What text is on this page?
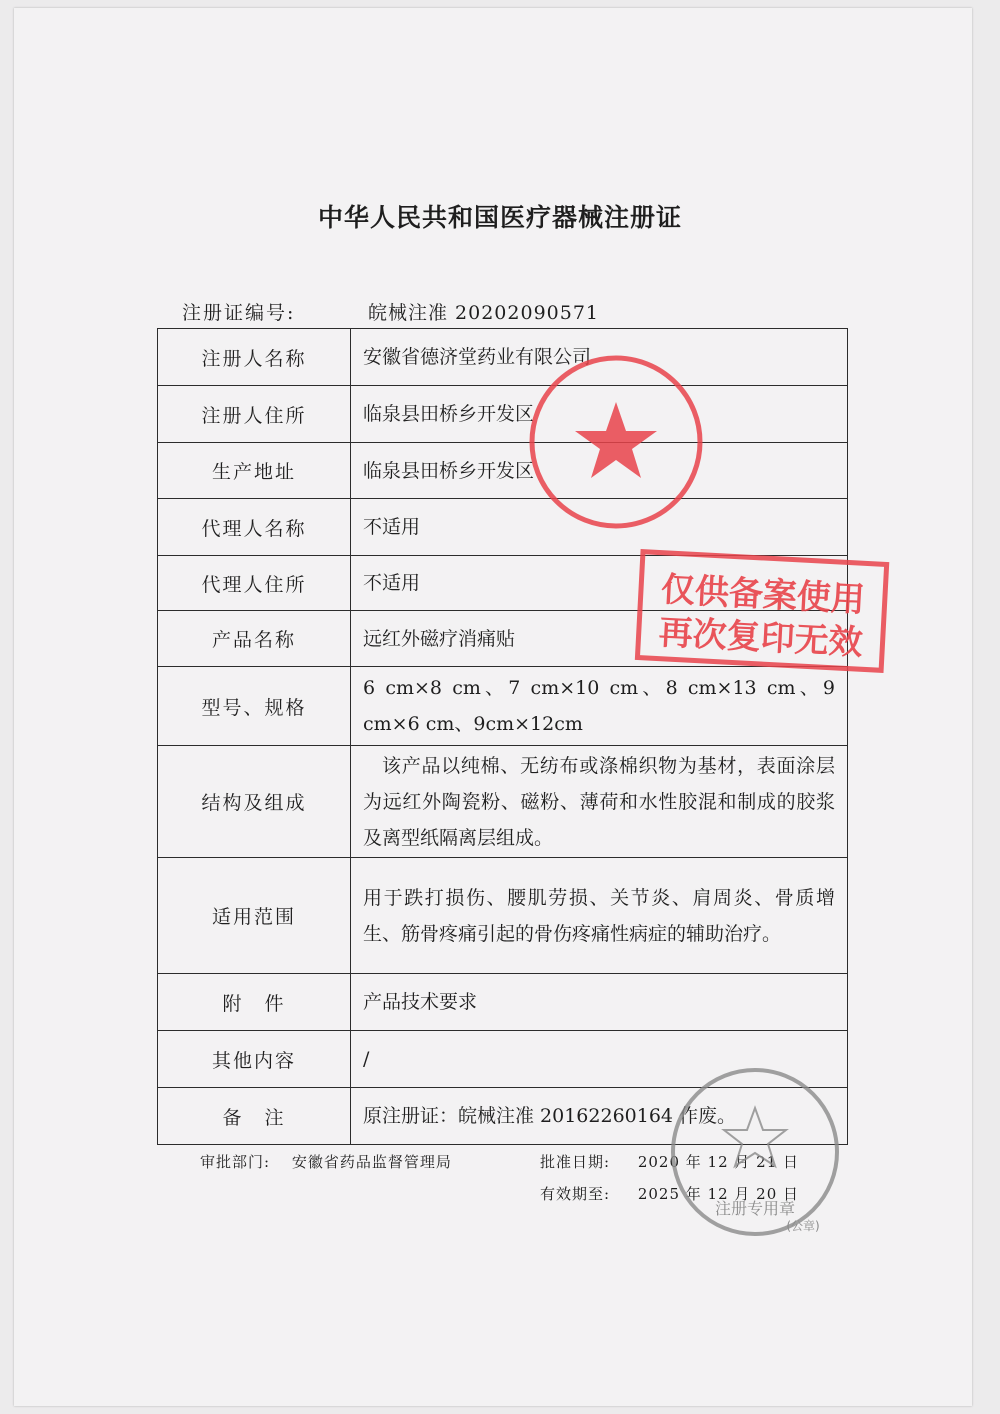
中华人民共和国医疗器械注册证
注册证编号:	皖械注准 20202090571
注册人名称	安徽省德济堂药业有限公司
注册人住所	临泉县田桥乡开发区
生产地址	临泉县田桥乡开发区
代理人名称	不适用
代理人住所	不适用
产品名称	远红外磁疗消痛贴
型号、规格	6 cm×8 cm、7 cm×10 cm、8 cm×13 cm、9 cm×6 cm、9cm×12cm
结构及组成	该产品以纯棉、无纺布或涤棉织物为基材，表面涂层为远红外陶瓷粉、磁粉、薄荷和水性胶混和制成的胶浆及离型纸隔离层组成。
适用范围	用于跌打损伤、腰肌劳损、关节炎、肩周炎、骨质增生、筋骨疼痛引起的骨伤疼痛性病症的辅助治疗。
附　件	产品技术要求
其他内容	/
备　注	原注册证：皖械注准 20162260164 作废。
审批部门: 安徽省药品监督管理局	批准日期: 2020 年 12 月 21 日
有效期至: 2025 年 12 月 20 日
仅供备案使用
再次复印无效
注册专用章
(公章)
